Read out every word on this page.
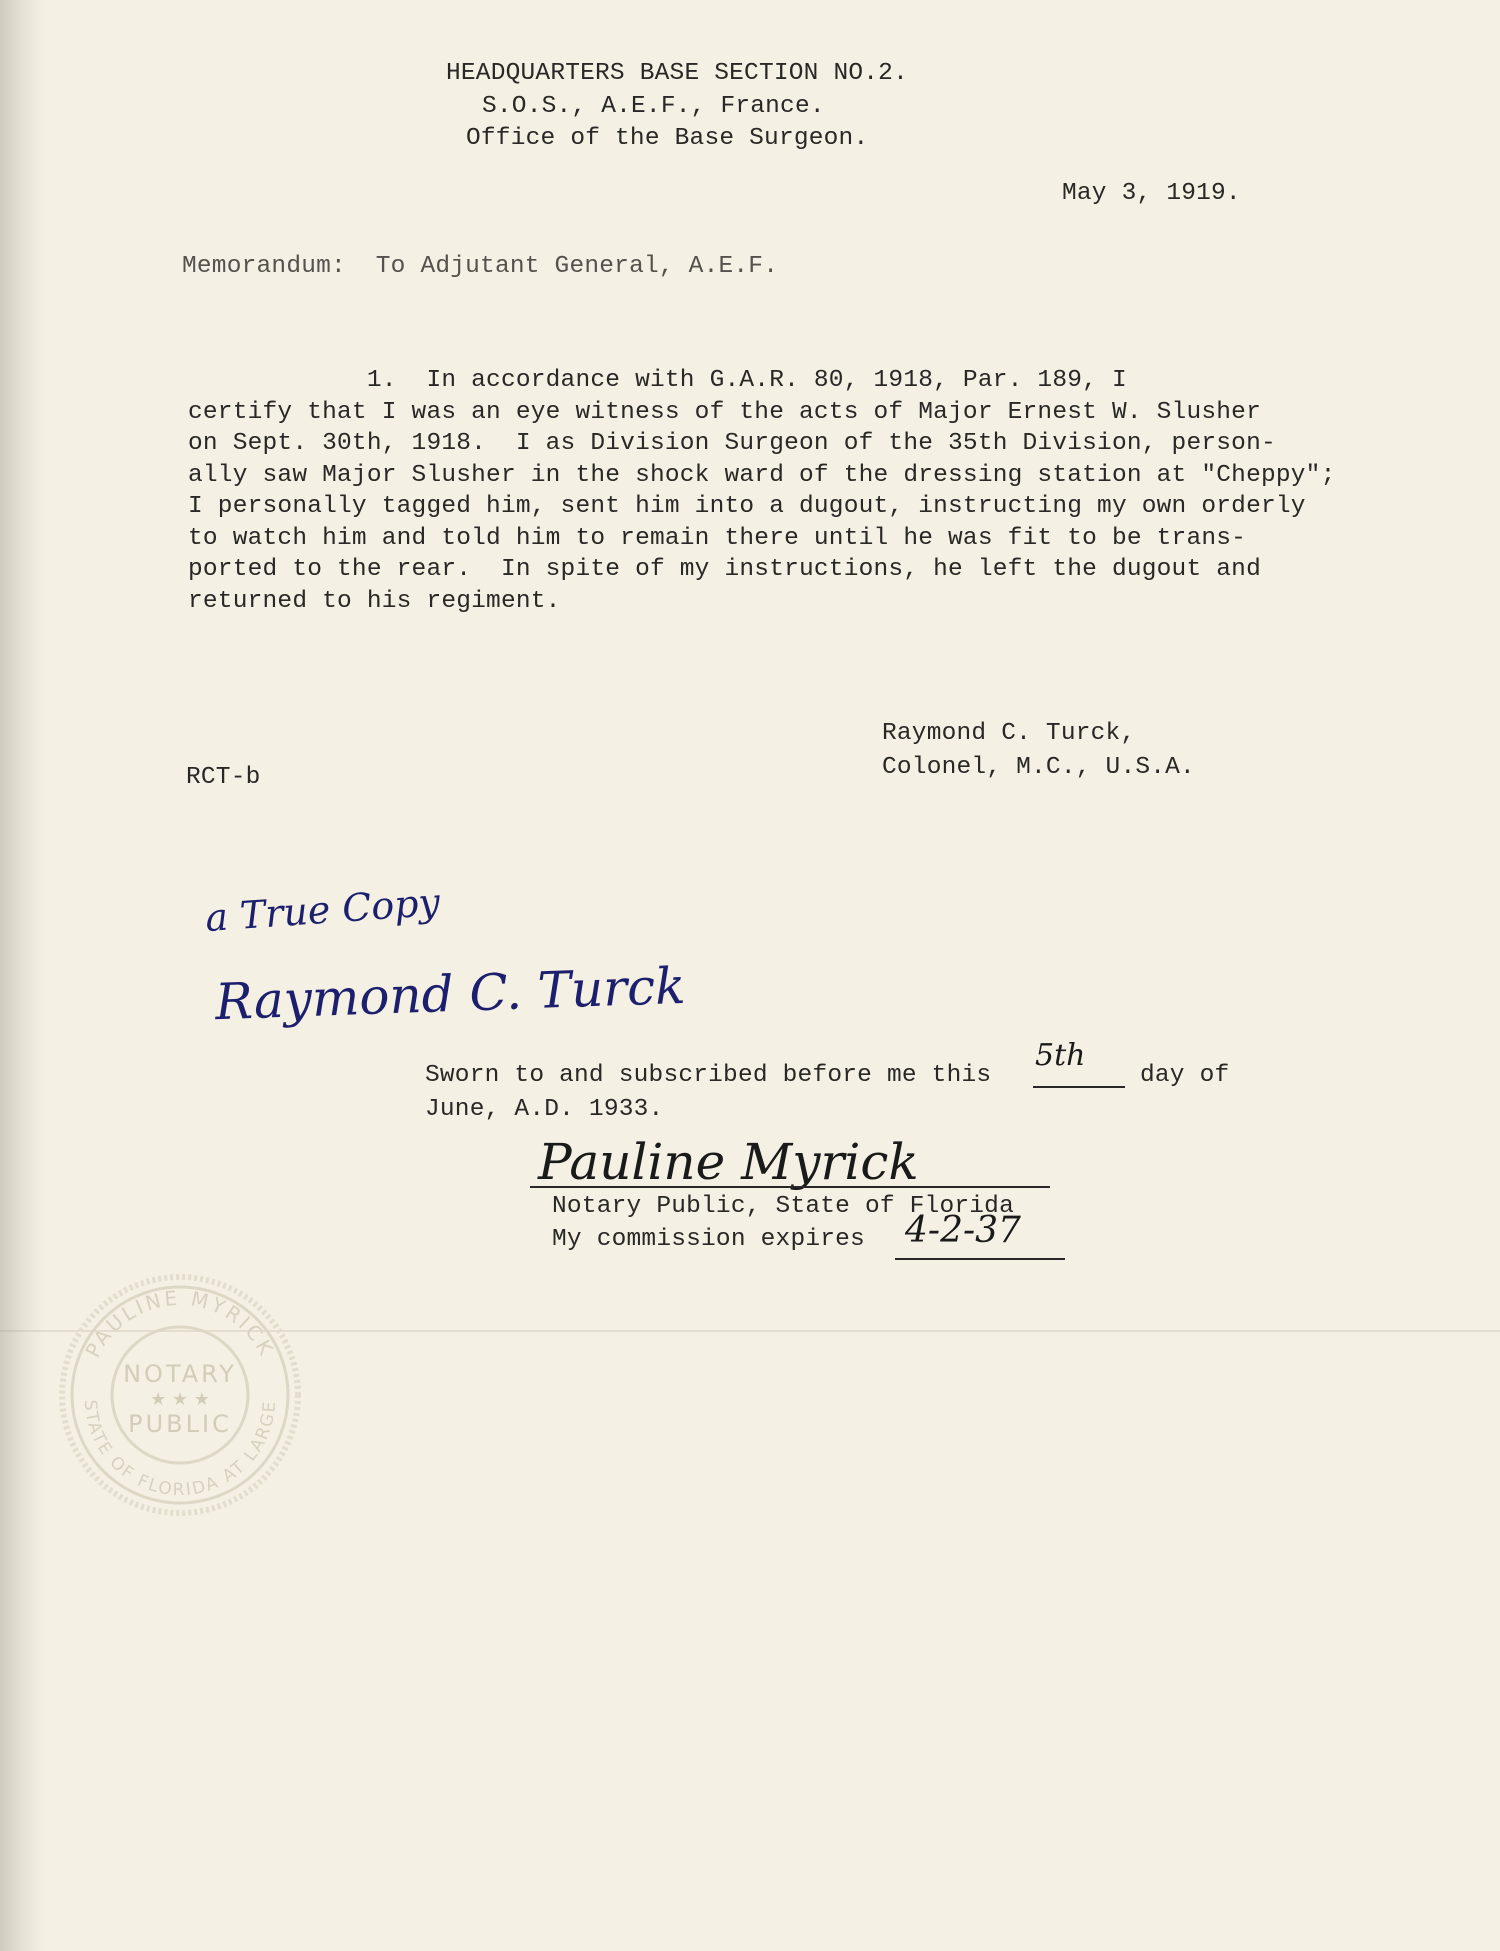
HEADQUARTERS BASE SECTION NO.2.
S.O.S., A.E.F., France.
Office of the Base Surgeon.
May 3, 1919.
Memorandum:  To Adjutant General, A.E.F.
1.  In accordance with G.A.R. 80, 1918, Par. 189, I
certify that I was an eye witness of the acts of Major Ernest W. Slusher
on Sept. 30th, 1918.  I as Division Surgeon of the 35th Division, person-
ally saw Major Slusher in the shock ward of the dressing station at "Cheppy";
I personally tagged him, sent him into a dugout, instructing my own orderly
to watch him and told him to remain there until he was fit to be trans-
ported to the rear.  In spite of my instructions, he left the dugout and
returned to his regiment.
Raymond C. Turck,
Colonel, M.C., U.S.A.
RCT-b
a True Copy
Raymond C. Turck
Sworn to and subscribed before me this
5th
day of
June, A.D. 1933.
Pauline Myrick
Notary Public, State of Florida
My commission expires 4-2-37
PAULINE MYRICK
STATE OF FLORIDA AT LARGE
NOTARY
★ ★ ★
PUBLIC
